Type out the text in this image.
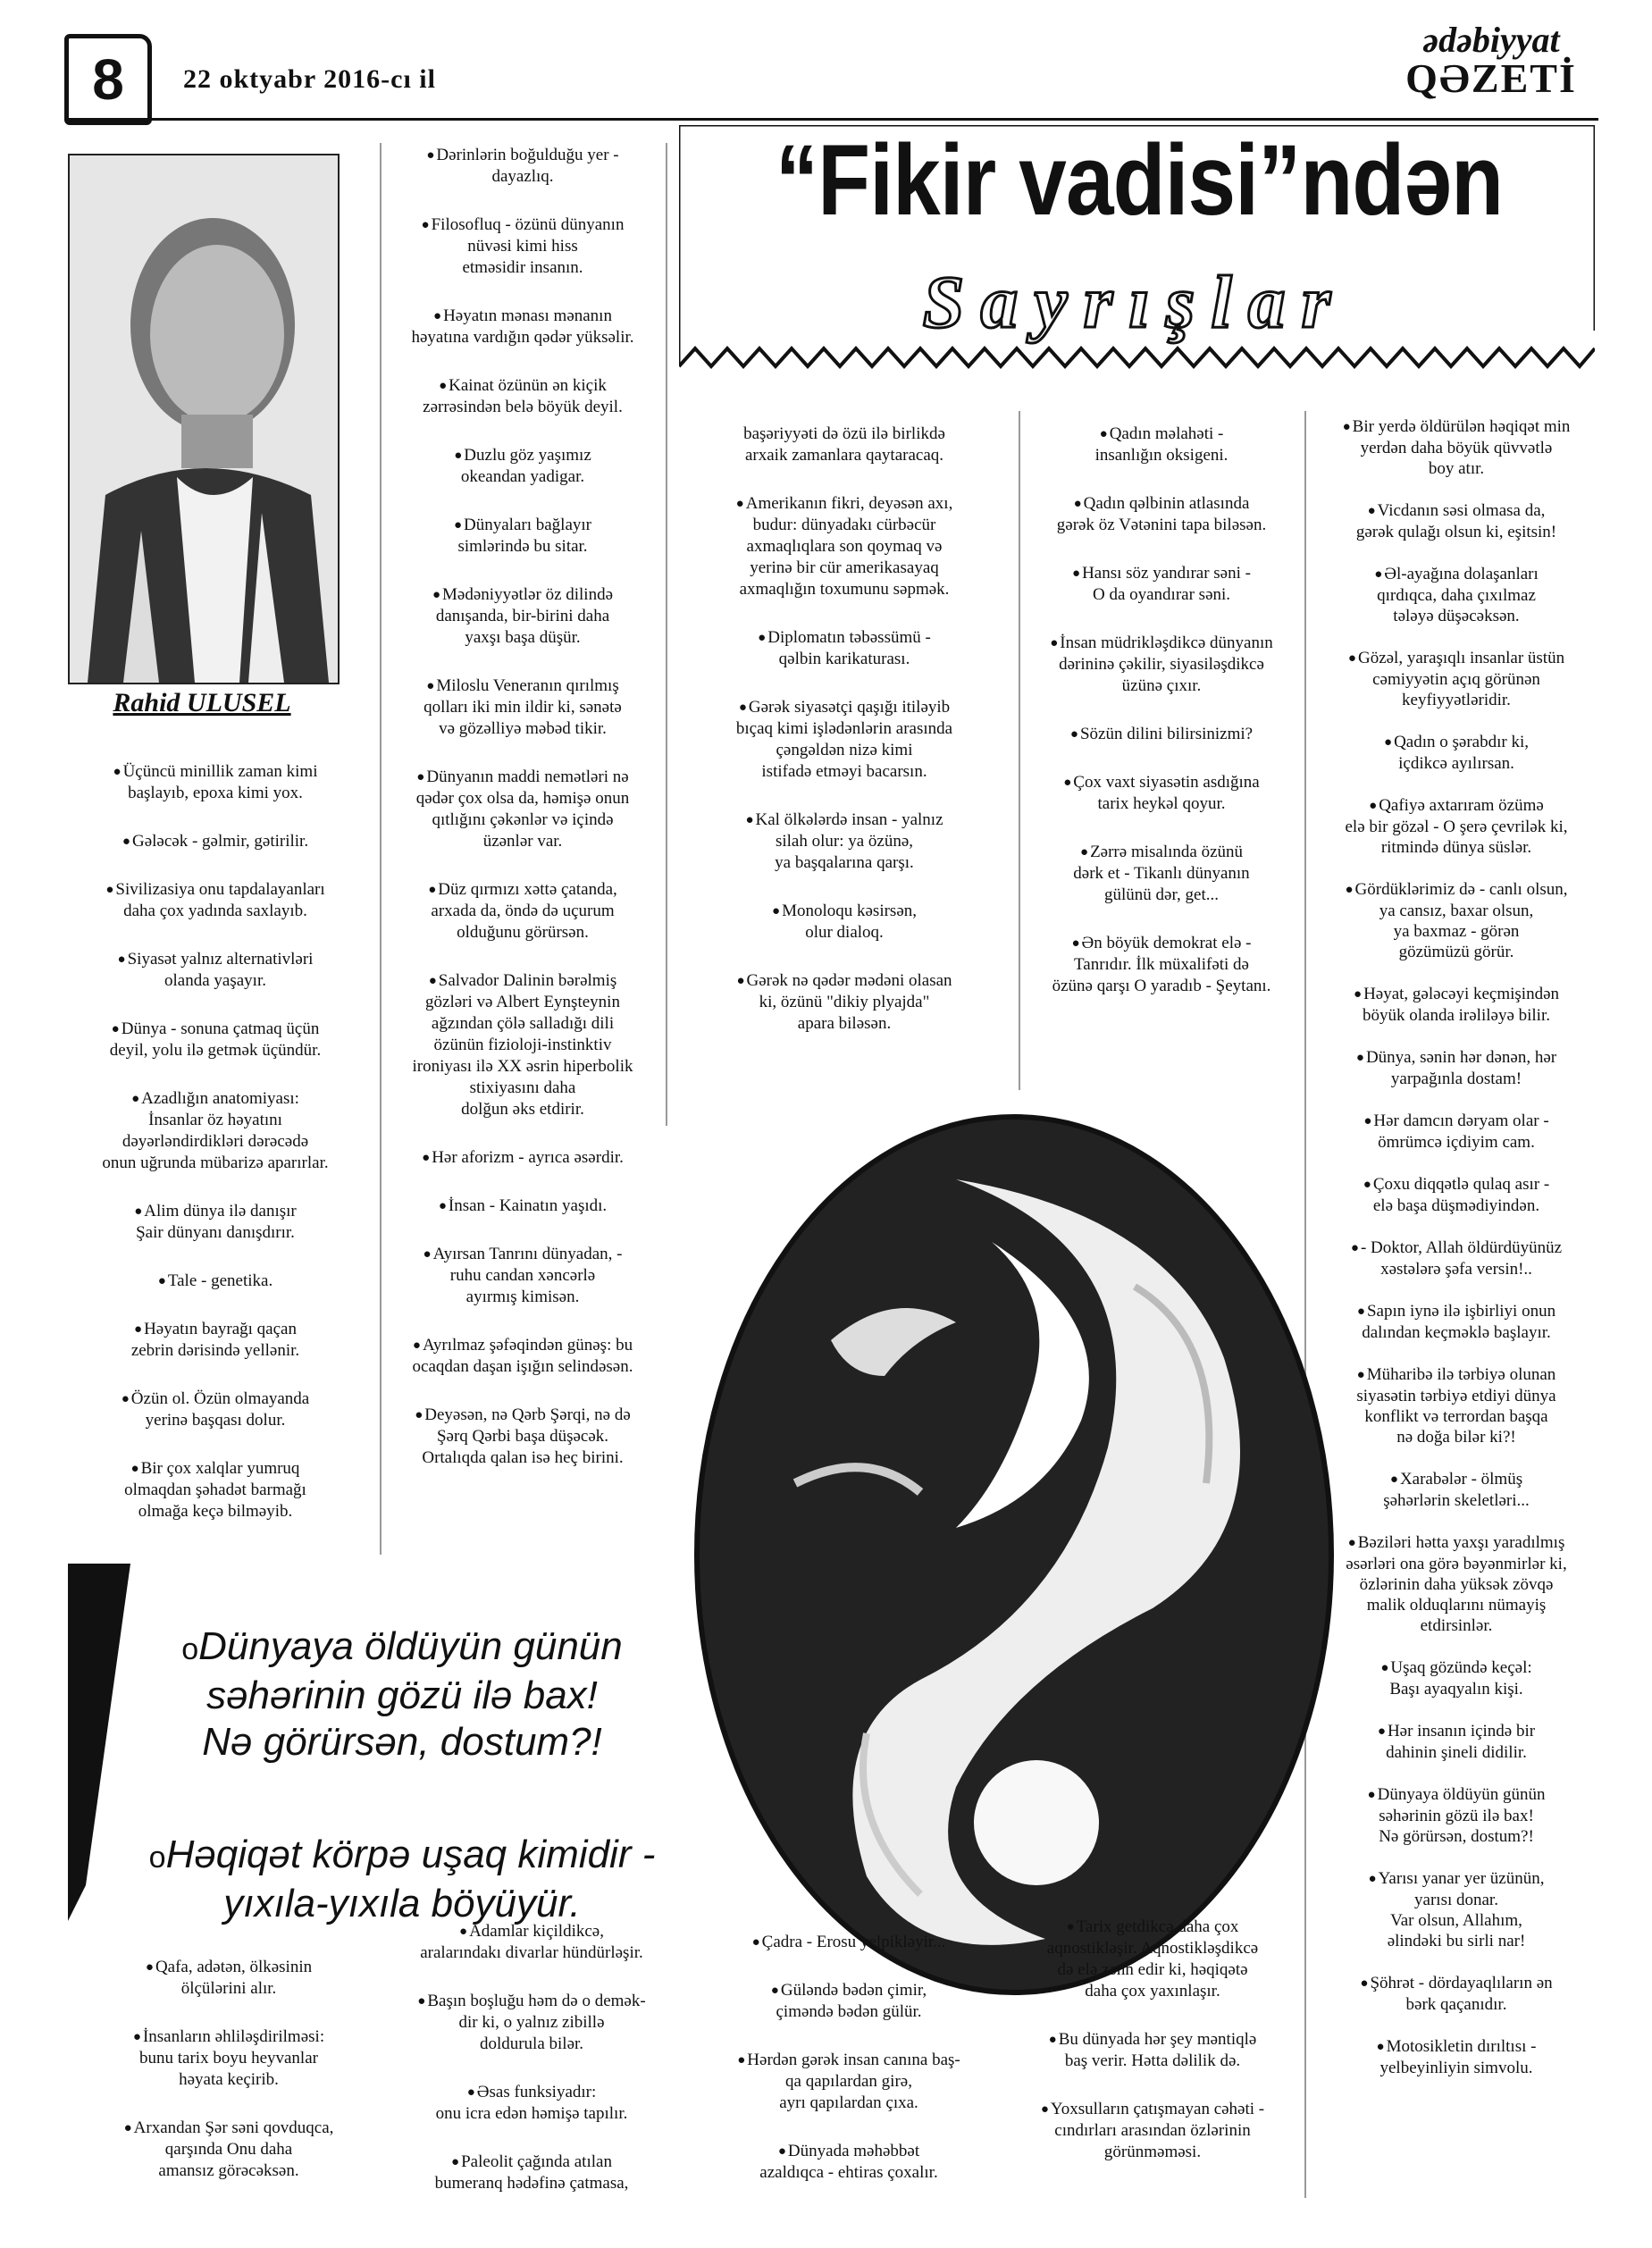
8	22 oktyabr 2016-cı il
ədəbiyyat
QƏZETİ
Rahid ULUSEL
“Fikir vadisi”ndən
Sayrışlar

● Üçüncü minillik zaman kimi
başlayıb, epoxa kimi yox.

● Gələcək - gəlmir, gətirilir.

● Sivilizasiya onu tapdalayanları
daha çox yadında saxlayıb.

● Siyasət yalnız alternativləri
olanda yaşayır.

● Dünya - sonuna çatmaq üçün
deyil, yolu ilə getmək üçündür.

● Azadlığın anatomiyası:
İnsanlar öz həyatını
dəyərləndirdikləri dərəcədə
onun uğrunda mübarizə aparırlar.

● Alim dünya ilə danışır
Şair dünyanı danışdırır.

● Tale - genetika.

● Həyatın bayrağı qaçan
zebrin dərisində yellənir.

● Özün ol. Özün olmayanda
yerinə başqası dolur.

● Bir çox xalqlar yumruq
olmaqdan şəhadət barmağı
olmağa keçə bilməyib.

● Dərinlərin boğulduğu yer -
dayazlıq.

● Filosofluq - özünü dünyanın
nüvəsi kimi hiss
etməsidir insanın.

● Həyatın mənası mənanın
həyatına vardığın qədər yüksəlir.

● Kainat özünün ən kiçik
zərrəsindən belə böyük deyil.

● Duzlu göz yaşımız
okeandan yadigar.

● Dünyaları bağlayır
simlərində bu sitar.

● Mədəniyyətlər öz dilində
danışanda, bir-birini daha
yaxşı başa düşür.

● Miloslu Veneranın qırılmış
qolları iki min ildir ki, sənətə
və gözəlliyə məbəd tikir.

● Dünyanın maddi nemətləri nə
qədər çox olsa da, həmişə onun
qıtlığını çəkənlər və içində
üzənlər var.

● Düz qırmızı xəttə çatanda,
arxada da, öndə də uçurum
olduğunu görürsən.

● Salvador Dalinin bərəlmiş
gözləri və Albert Eynşteynin
ağzından çölə salladığı dili
özünün fizioloji-instinktiv
ironiyası ilə XX əsrin hiperbolik
stixiyasını daha
dolğun əks etdirir.

● Hər aforizm - ayrıca əsərdir.

● İnsan - Kainatın yaşıdı.

● Ayırsan Tanrını dünyadan, -
ruhu candan xəncərlə
ayırmış kimisən.

● Ayrılmaz şəfəqindən günəş: bu
ocaqdan daşan işığın selindəsən.

● Deyəsən, nə Qərb Şərqi, nə də
Şərq Qərbi başa düşəcək.
Ortalıqda qalan isə heç birini.

başəriyyəti də özü ilə birlikdə
arxaik zamanlara qaytaracaq.

● Amerikanın fikri, deyəsən axı,
budur: dünyadakı cürbəcür
axmaqlıqlara son qoymaq və
yerinə bir cür amerikasayaq
axmaqlığın toxumunu səpmək.

● Diplomatın təbəssümü -
qəlbin karikaturası.

● Gərək siyasətçi qaşığı itiləyib
bıçaq kimi işlədənlərin arasında
çəngəldən nizə kimi
istifadə etməyi bacarsın.

● Kal ölkələrdə insan - yalnız
silah olur: ya özünə,
ya başqalarına qarşı.

● Monoloqu kəsirsən,
olur dialoq.

● Gərək nə qədər mədəni olasan
ki, özünü "dikiy plyajda"
apara biləsən.

● Qadın məlahəti -
insanlığın oksigeni.

● Qadın qəlbinin atlasında
gərək öz Vətənini tapa biləsən.

● Hansı söz yandırar səni -
O da oyandırar səni.

● İnsan müdrikləşdikcə dünyanın
dərininə çəkilir, siyasiləşdikcə
üzünə çıxır.

● Sözün dilini bilirsinizmi?

● Çox vaxt siyasətin asdığına
tarix heykəl qoyur.

● Zərrə misalında özünü
dərk et - Tikanlı dünyanın
gülünü dər, get...

● Ən böyük demokrat elə -
Tanrıdır. İlk müxalifəti də
özünə qarşı O yaradıb - Şeytanı.

● Bir yerdə öldürülən həqiqət min
yerdən daha böyük qüvvətlə
boy atır.

● Vicdanın səsi olmasa da,
gərək qulağı olsun ki, eşitsin!

● Əl-ayağına dolaşanları
qırdıqca, daha çıxılmaz
tələyə düşəcəksən.

● Gözəl, yaraşıqlı insanlar üstün
cəmiyyətin açıq görünən
keyfiyyətləridir.

● Qadın o şərabdır ki,
içdikcə ayılırsan.

● Qafiyə axtarıram özümə
elə bir gözəl - O şerə çevrilək ki,
ritmində dünya süslər.

● Gördüklərimiz də - canlı olsun,
ya cansız, baxar olsun,
ya baxmaz - görən
gözümüzü görür.

● Həyat, gələcəyi keçmişindən
böyük olanda irəliləyə bilir.

● Dünya, sənin hər dənən, hər
yarpağınla dostam!

● Hər damcın dəryam olar -
ömrümcə içdiyim cam.

● Çoxu diqqətlə qulaq asır -
elə başa düşmədiyindən.

● - Doktor, Allah öldürdüyünüz
xəstələrə şəfa versin!..

● Sapın iynə ilə işbirliyi onun
dalından keçməklə başlayır.

● Müharibə ilə tərbiyə olunan
siyasətin tərbiyə etdiyi dünya
konflikt və terrordan başqa
nə doğa bilər ki?!

● Xarabələr - ölmüş
şəhərlərin skeletləri...

● Bəziləri hətta yaxşı yaradılmış
əsərləri ona görə bəyənmirlər ki,
özlərinin daha yüksək zövqə
malik olduqlarını nümayiş
etdirsinlər.

● Uşaq gözündə keçəl:
Başı ayaqyalın kişi.

● Hər insanın içində bir
dahinin şineli didilir.

● Dünyaya öldüyün günün
səhərinin gözü ilə bax!
Nə görürsən, dostum?!

● Yarısı yanar yer üzünün,
yarısı donar.
Var olsun, Allahım,
əlindəki bu sirli nar!

● Şöhrət - dördayaqlıların ən
bərk qaçanıdır.

● Motosikletin dırıltısı -
yelbeyinliyin simvolu.

oDünyaya öldüyün günün
səhərinin gözü ilə bax!
Nə görürsən, dostum?!

oHəqiqət körpə uşaq kimidir -
yıxıla-yıxıla böyüyür.

● Qafa, adətən, ölkəsinin
ölçülərini alır.

● İnsanların əhliləşdirilməsi:
bunu tarix boyu heyvanlar
həyata keçirib.

● Arxandan Şər səni qovduqca,
qarşında Onu daha
amansız görəcəksən.

● Adamlar kiçildikcə,
aralarındakı divarlar hündürləşir.

● Başın boşluğu həm də o demək-
dir ki, o yalnız zibillə
doldurula bilər.

● Əsas funksiyadır:
onu icra edən həmişə tapılır.

● Paleolit çağında atılan
bumeranq hədəfinə çatmasa,

● Çadra - Erosu yelpikləyir...

● Güləndə bədən çimir,
çiməndə bədən gülür.

● Hərdən gərək insan canına baş-
qa qapılardan girə,
ayrı qapılardan çıxa.

● Dünyada məhəbbət
azaldıqca - ehtiras çoxalır.

● Tarix getdikcə daha çox
aqnostikləşir. Aqnostikləşdikcə
də elə zənn edir ki, həqiqətə
daha çox yaxınlaşır.

● Bu dünyada hər şey məntiqlə
baş verir. Hətta dəlilik də.

● Yoxsulların çatışmayan cəhəti -
cındırları arasından özlərinin
görünməməsi.
